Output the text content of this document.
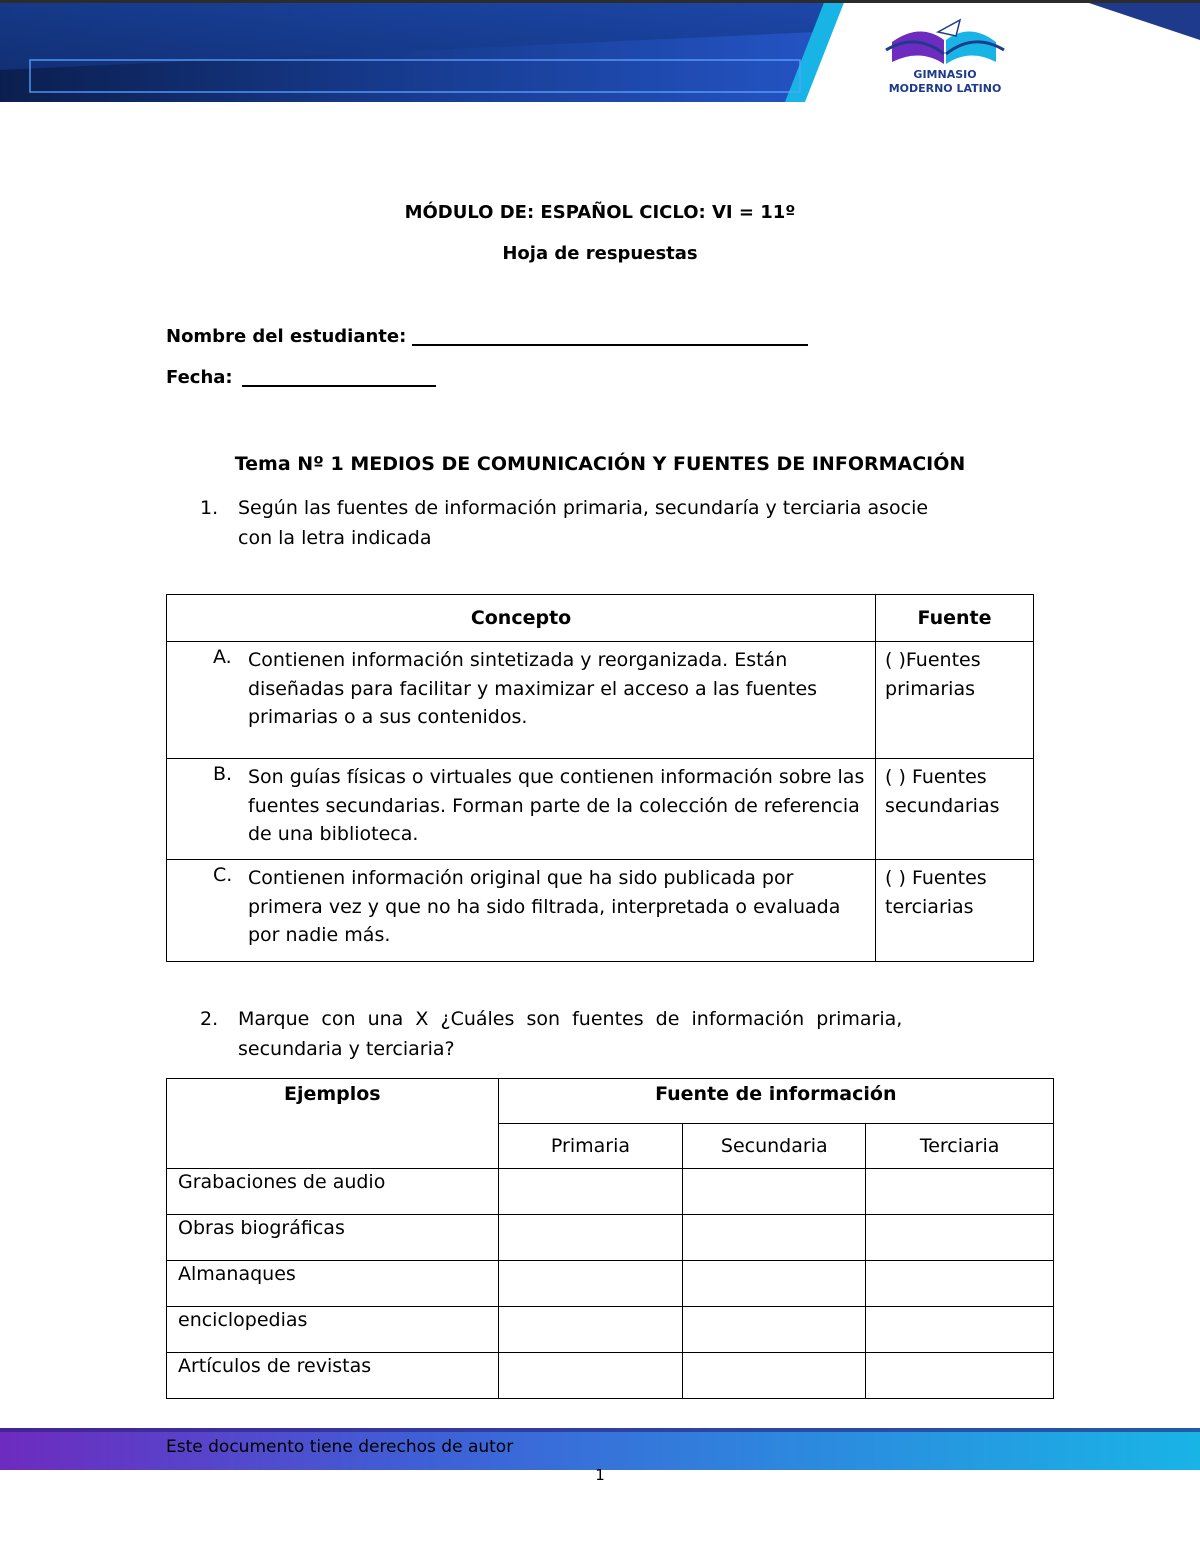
GIMNASIO
MODERNO LATINO
MÓDULO DE: ESPAÑOL CICLO: VI = 11º
Hoja de respuestas
Nombre del estudiante:
Fecha:
Tema Nº 1 MEDIOS DE COMUNICACIÓN Y FUENTES DE INFORMACIÓN
1. Según las fuentes de información primaria, secundaría y terciaria asocie
con la letra indicada
Concepto	Fuente

A. Contienen información sintetizada y reorganizada. Están diseñadas para facilitar y maximizar el acceso a las fuentes primarias o a sus contenidos.	( )Fuentes primarias

B. Son guías físicas o virtuales que contienen información sobre las fuentes secundarias. Forman parte de la colección de referencia de una biblioteca.	( ) Fuentes secundarias

C. Contienen información original que ha sido publicada por primera vez y que no ha sido filtrada, interpretada o evaluada por nadie más.	( ) Fuentes terciarias
2. Marque  con  una  X  ¿Cuáles  son  fuentes  de  información  primaria,
secundaria y terciaria?
Ejemplos	Fuente de información		
	Primaria	Secundaria	Terciaria
Grabaciones de audio			
Obras biográficas			
Almanaques			
enciclopedias			
Artículos de revistas			
Este documento tiene derechos de autor
1
